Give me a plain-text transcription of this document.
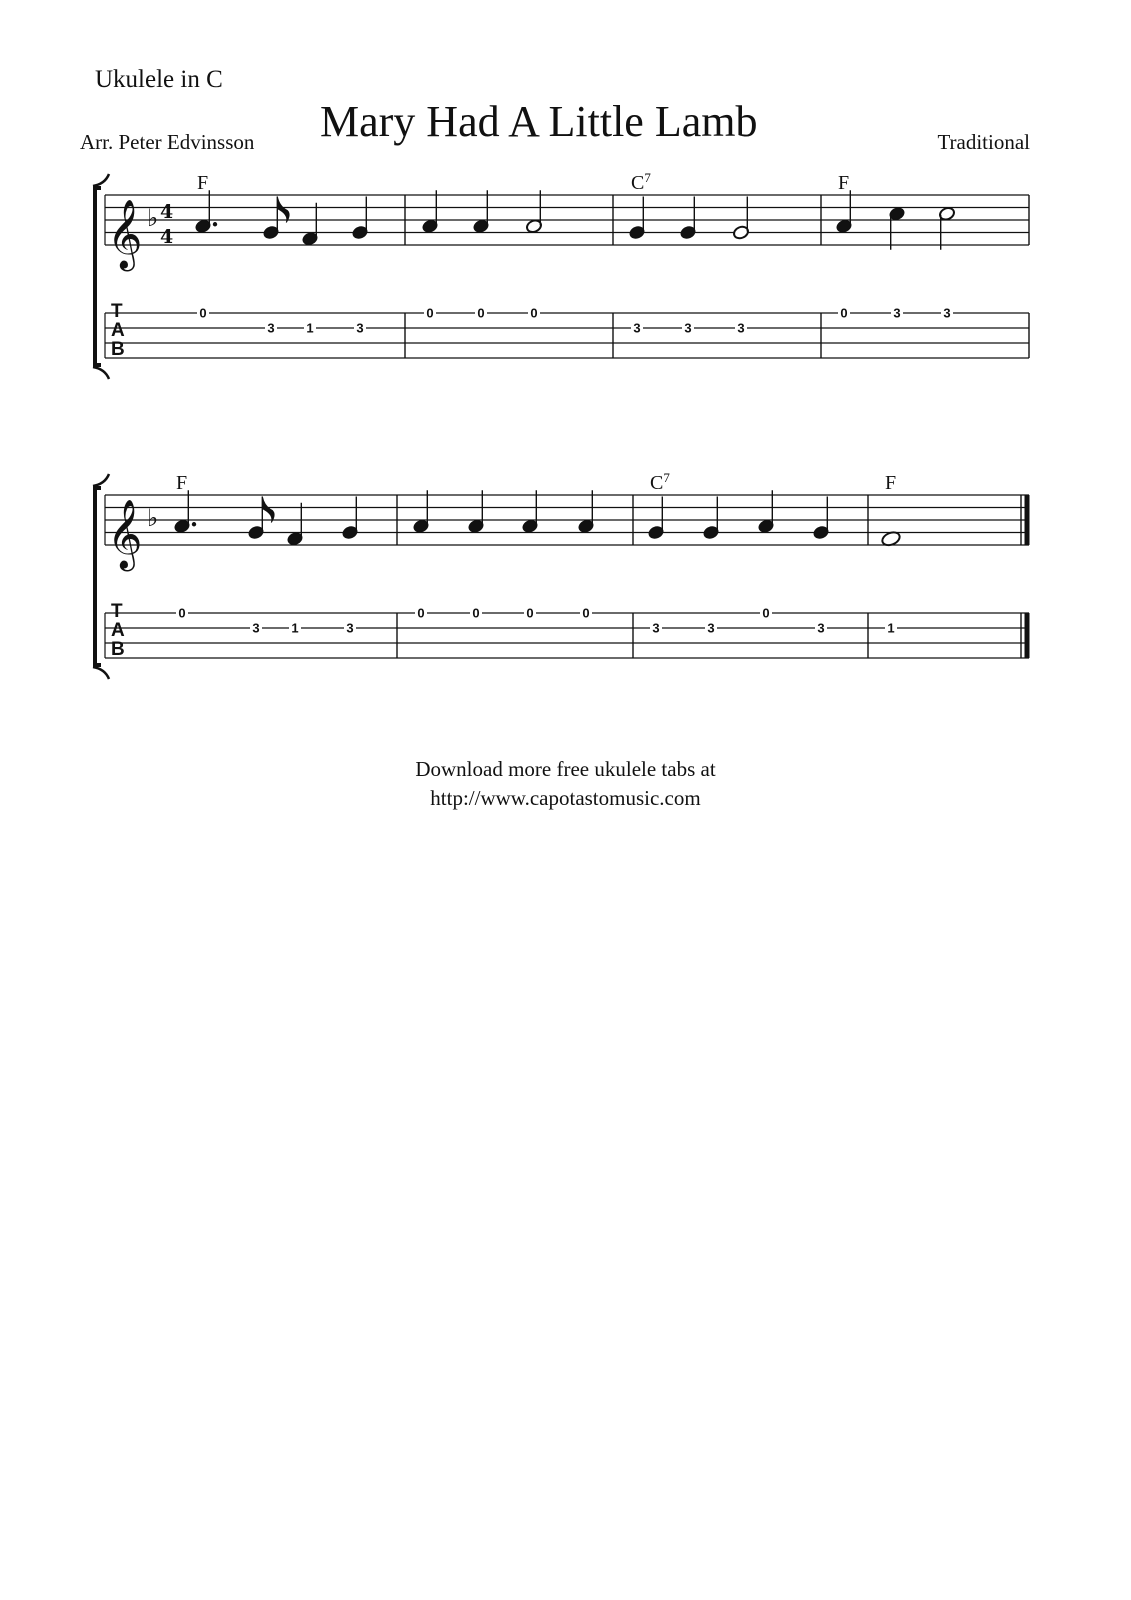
Ukulele in C
Mary Had A Little Lamb
Arr. Peter Edvinsson	Traditional
𝄞 ♭ 4
4
T
A
B
F
0
3 1	3
0	0	0
$C^7$
3	3	3
F
0	3	3
𝄞 ♭
T
A
B
F
0
3 1	3
0	0	0	0
$C^7$
3	3
0
3
F
1
Download more free ukulele tabs at
http://www.capotastomusic.com
